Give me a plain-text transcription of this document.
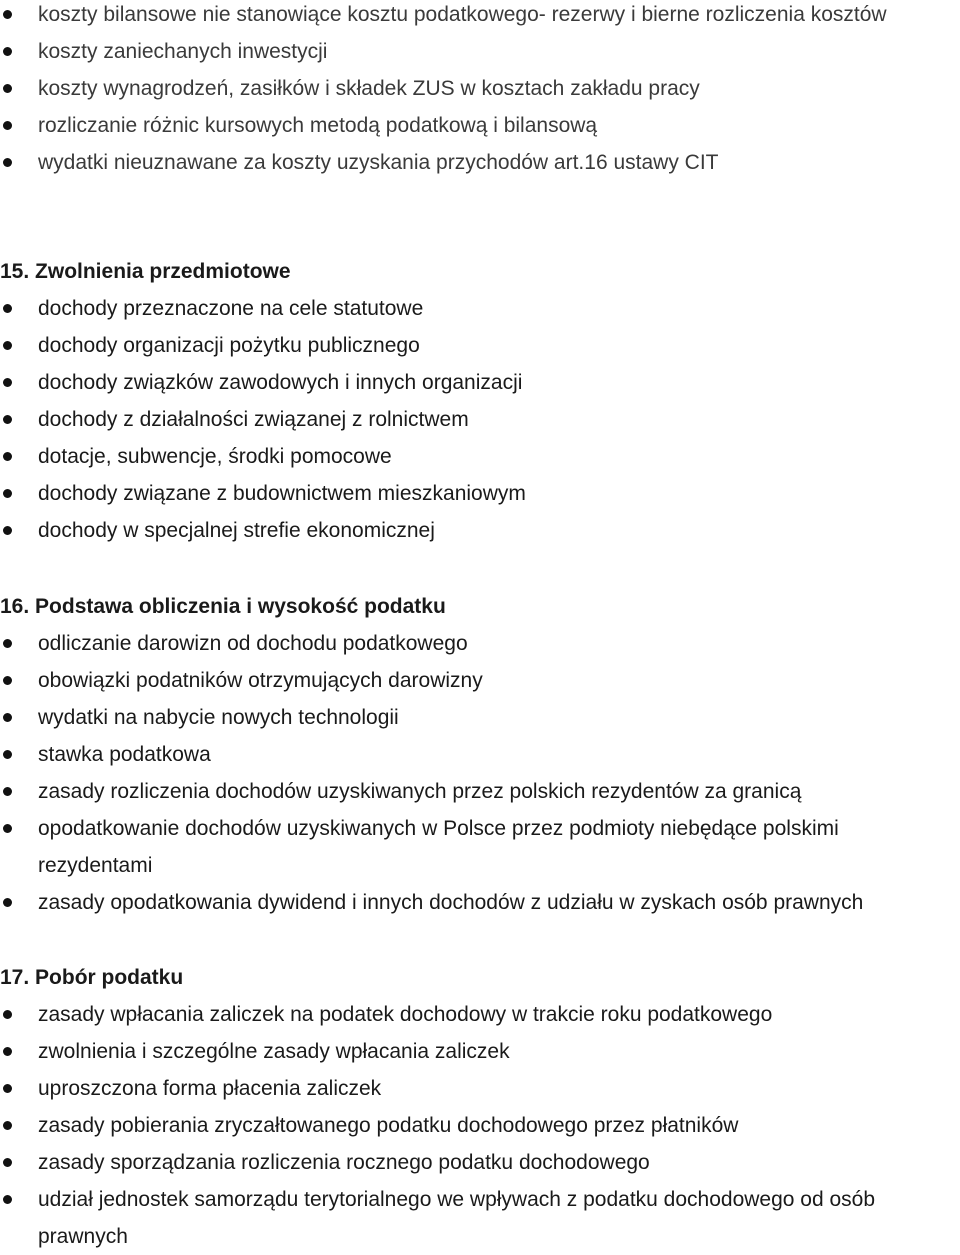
koszty bilansowe nie stanowiące kosztu podatkowego- rezerwy i bierne rozliczenia kosztów
koszty zaniechanych inwestycji
koszty wynagrodzeń, zasiłków i składek ZUS w kosztach zakładu pracy
rozliczanie różnic kursowych metodą podatkową i bilansową
wydatki nieuznawane za koszty uzyskania przychodów art.16 ustawy CIT

15. Zwolnienia przedmiotowe

dochody przeznaczone na cele statutowe
dochody organizacji pożytku publicznego
dochody związków zawodowych i innych organizacji
dochody z działalności związanej z rolnictwem
dotacje, subwencje, środki pomocowe
dochody związane z budownictwem mieszkaniowym
dochody w specjalnej strefie ekonomicznej

16. Podstawa obliczenia i wysokość podatku

odliczanie darowizn od dochodu podatkowego
obowiązki podatników otrzymujących darowizny
wydatki na nabycie nowych technologii
stawka podatkowa
zasady rozliczenia dochodów uzyskiwanych przez polskich rezydentów za granicą
opodatkowanie dochodów uzyskiwanych w Polsce przez podmioty niebędące polskimi rezydentami
zasady opodatkowania dywidend i innych dochodów z udziału w zyskach osób prawnych

17. Pobór podatku

zasady wpłacania zaliczek na podatek dochodowy w trakcie roku podatkowego
zwolnienia i szczególne zasady wpłacania zaliczek
uproszczona forma płacenia zaliczek
zasady pobierania zryczałtowanego podatku dochodowego przez płatników
zasady sporządzania rozliczenia rocznego podatku dochodowego
udział jednostek samorządu terytorialnego we wpływach z podatku dochodowego od osób prawnych
